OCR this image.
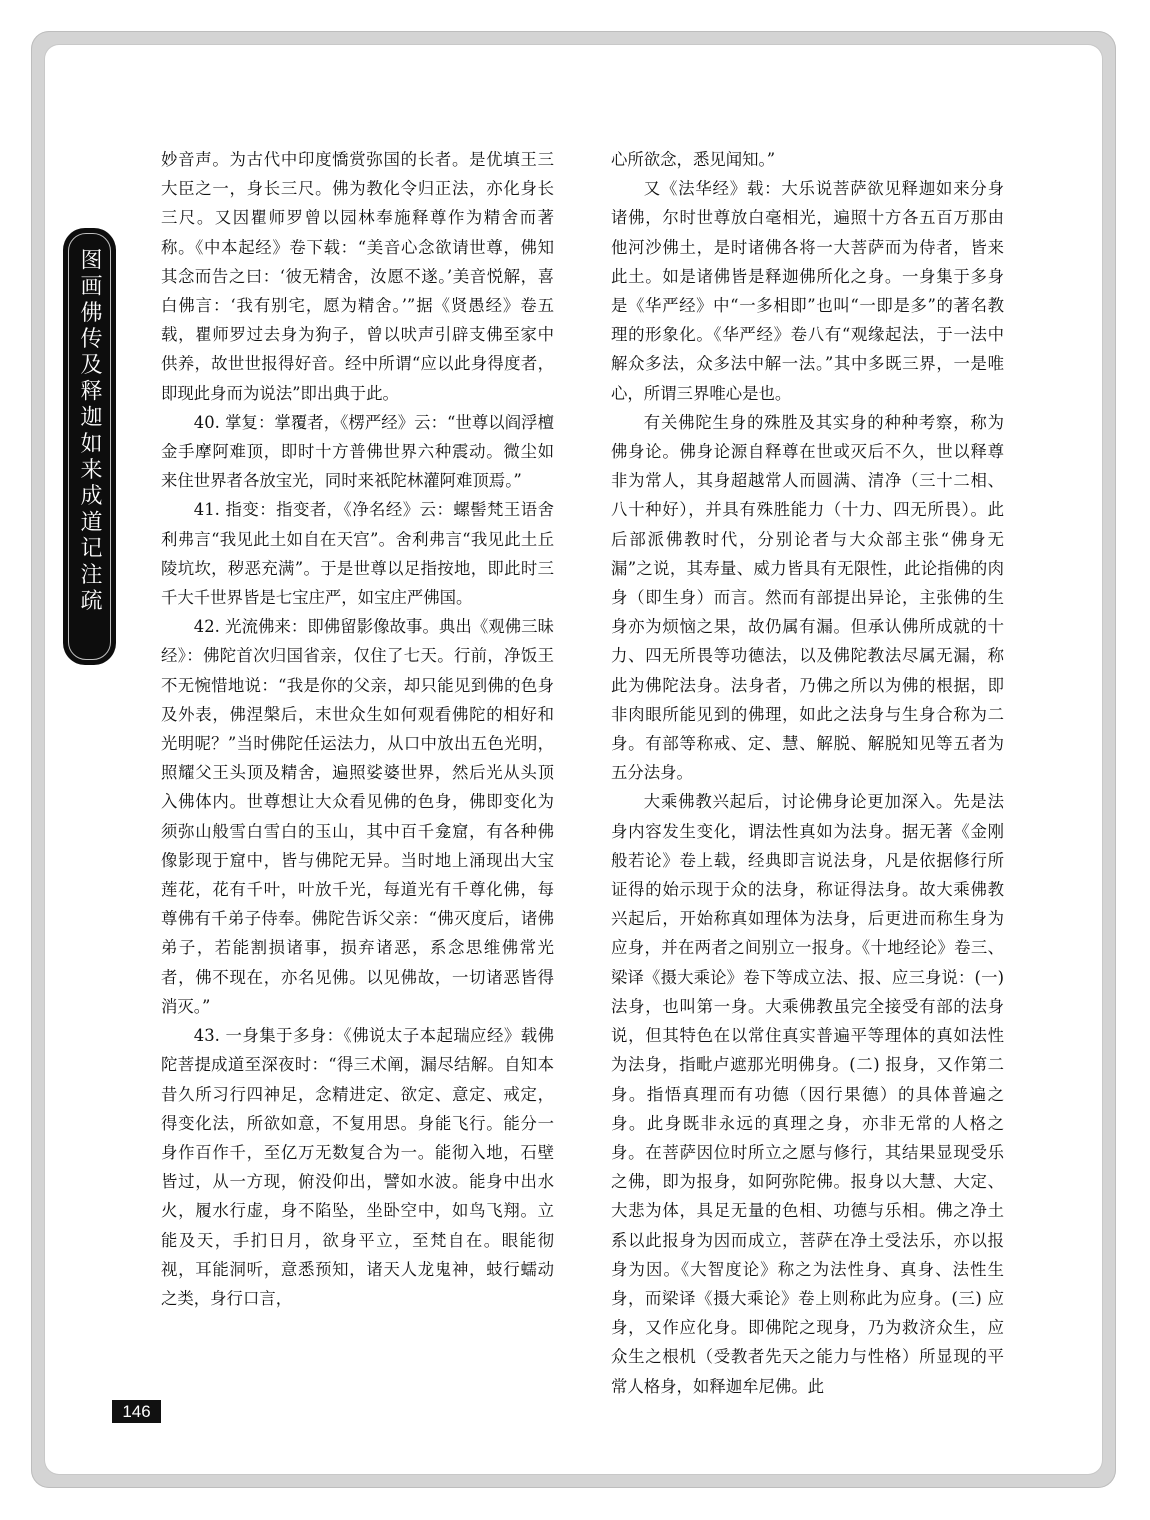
图画佛传及释迦如来成道记注疏

妙音声。为古代中印度憍赏弥国的长者。是优填王三大臣之一，身长三尺。佛为教化令归正法，亦化身长三尺。又因瞿师罗曾以园林奉施释尊作为精舍而著称。《中本起经》卷下载：“美音心念欲请世尊，佛知其念而告之曰：‘彼无精舍，汝愿不遂。’美音悦解，喜白佛言：‘我有别宅，愿为精舍。’”据《贤愚经》卷五载，瞿师罗过去身为狗子，曾以吠声引辟支佛至家中供养，故世世报得好音。经中所谓“应以此身得度者，即现此身而为说法”即出典于此。

40. 掌复：掌覆者，《楞严经》云：“世尊以阎浮檀金手摩阿难顶，即时十方普佛世界六种震动。微尘如来住世界者各放宝光，同时来祇陀林灌阿难顶焉。”

41. 指变：指变者，《净名经》云：螺髻梵王语舍利弗言“我见此土如自在天宫”。舍利弗言“我见此土丘陵坑坎，秽恶充满”。于是世尊以足指按地，即此时三千大千世界皆是七宝庄严，如宝庄严佛国。

42. 光流佛来：即佛留影像故事。典出《观佛三昧经》：佛陀首次归国省亲，仅住了七天。行前，净饭王不无惋惜地说：“我是你的父亲，却只能见到佛的色身及外表，佛涅槃后，末世众生如何观看佛陀的相好和光明呢？”当时佛陀任运法力，从口中放出五色光明，照耀父王头顶及精舍，遍照娑婆世界，然后光从头顶入佛体内。世尊想让大众看见佛的色身，佛即变化为须弥山般雪白雪白的玉山，其中百千龛窟，有各种佛像影现于窟中，皆与佛陀无异。当时地上涌现出大宝莲花，花有千叶，叶放千光，每道光有千尊化佛，每尊佛有千弟子侍奉。佛陀告诉父亲：“佛灭度后，诸佛弟子，若能割损诸事，损弃诸恶，系念思维佛常光者，佛不现在，亦名见佛。以见佛故，一切诸恶皆得消灭。”

43. 一身集于多身：《佛说太子本起瑞应经》载佛陀菩提成道至深夜时：“得三术阐，漏尽结解。自知本昔久所习行四神足，念精进定、欲定、意定、戒定，得变化法，所欲如意，不复用思。身能飞行。能分一身作百作千，至亿万无数复合为一。能彻入地，石壁皆过，从一方现，俯没仰出，譬如水波。能身中出水火，履水行虚，身不陷坠，坐卧空中，如鸟飞翔。立能及天，手扪日月，欲身平立，至梵自在。眼能彻视，耳能洞听，意悉预知，诸天人龙鬼神，蚑行蠕动之类，身行口言，

心所欲念，悉见闻知。”

又《法华经》载：大乐说菩萨欲见释迦如来分身诸佛，尔时世尊放白毫相光，遍照十方各五百万那由他河沙佛土，是时诸佛各将一大菩萨而为侍者，皆来此土。如是诸佛皆是释迦佛所化之身。一身集于多身是《华严经》中“一多相即”也叫“一即是多”的著名教理的形象化。《华严经》卷八有“观缘起法，于一法中解众多法，众多法中解一法。”其中多既三界，一是唯心，所谓三界唯心是也。

有关佛陀生身的殊胜及其实身的种种考察，称为佛身论。佛身论源自释尊在世或灭后不久，世以释尊非为常人，其身超越常人而圆满、清净（三十二相、八十种好），并具有殊胜能力（十力、四无所畏）。此后部派佛教时代，分别论者与大众部主张“佛身无漏”之说，其寿量、威力皆具有无限性，此论指佛的肉身（即生身）而言。然而有部提出异论，主张佛的生身亦为烦恼之果，故仍属有漏。但承认佛所成就的十力、四无所畏等功德法，以及佛陀教法尽属无漏，称此为佛陀法身。法身者，乃佛之所以为佛的根据，即非肉眼所能见到的佛理，如此之法身与生身合称为二身。有部等称戒、定、慧、解脱、解脱知见等五者为五分法身。

大乘佛教兴起后，讨论佛身论更加深入。先是法身内容发生变化，谓法性真如为法身。据无著《金刚般若论》卷上载，经典即言说法身，凡是依据修行所证得的始示现于众的法身，称证得法身。故大乘佛教兴起后，开始称真如理体为法身，后更进而称生身为应身，并在两者之间别立一报身。《十地经论》卷三、梁译《摄大乘论》卷下等成立法、报、应三身说：(一) 法身，也叫第一身。大乘佛教虽完全接受有部的法身说，但其特色在以常住真实普遍平等理体的真如法性为法身，指毗卢遮那光明佛身。(二) 报身，又作第二身。指悟真理而有功德（因行果德）的具体普遍之身。此身既非永远的真理之身，亦非无常的人格之身。在菩萨因位时所立之愿与修行，其结果显现受乐之佛，即为报身，如阿弥陀佛。报身以大慧、大定、大悲为体，具足无量的色相、功德与乐相。佛之净土系以此报身为因而成立，菩萨在净土受法乐，亦以报身为因。《大智度论》称之为法性身、真身、法性生身，而梁译《摄大乘论》卷上则称此为应身。(三) 应身，又作应化身。即佛陀之现身，乃为救济众生，应众生之根机（受教者先天之能力与性格）所显现的平常人格身，如释迦牟尼佛。此

146
